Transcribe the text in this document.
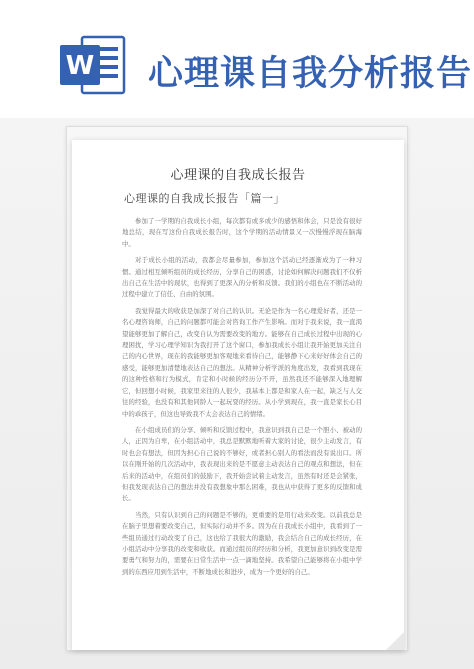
W 心理课自我分析报告
心理课的自我成长报告
心理课的自我成长报告「篇一」

参加了一学期的自我成长小组，每次都有或多或少的感悟和体会，只是没有很好地总结，现在写这份自我成长报告时，这个学期的活动情景又一次慢慢浮现在脑海中。

对于成长小组的活动，我都会尽量参加，参加这个活动已经逐渐成为了一种习惯。通过相互倾听组员的成长经历，分享自己的困惑，讨论如何解决问题我们不仅析出自己在生活中的现状，也得到了更深入的分析和反馈。我们的小组也在不断活动的过程中建立了信任、自由的氛围。

我觉得最大的收获是加深了对自己的认识。无论是作为一名心理爱好者，还是一名心理咨询师，自己的问题都可能会对咨询工作产生影响。而对于我来说，我一直渴望能够更加了解自己，改变自认为需要改变的地方。能够在自己成长过程中出现的心理困扰，学习心理学知识为我打开了这个窗口，参加我成长小组让我开始更加关注自己的内心世界，现在的我能够更加客观地来看待自己，能够静下心来好好体会自己的感受，能够更加清楚地表达自己的想法。从精神分析学派的角度出发，我看到我现在的这种性格和行为模式，肯定和小时候的经历分不开，虽然我还不能够深入地理解它，但回想小时候，我家里来往的人很少，我基本上都是和家人在一起，缺乏与人交往的经验，也没有和其他同龄人一起玩耍的经历。从小学到现在，我一直是家长心目中的乖孩子，但这也导致我不太会表达自己的情绪。

在小组成员们的分享、倾听和反馈过程中，我意识到我自己是一个胆小、被动的人，正因为自卑，在小组活动中，我总是默默地听着大家的讨论，很少主动发言，有时也会有想法，但因为担心自己说的不够好，或者担心别人的看法而没有说出口。所以在刚开始的几次活动中，我表现出来的是不愿意主动表达自己的观点和想法，但在后来的活动中，在组员们的鼓励下，我开始尝试着主动发言，虽然有时还是会紧张，但我发现表达自己的想法并没有我想象中那么困难，我也从中获得了更多的反馈和成长。

当然，只有认识到自己的问题是不够的，更重要的是用行动来改变。以前我总是在脑子里想着要改变自己，但实际行动并不多。因为在自我成长小组中，我看到了一些组员通过行动改变了自己，这也给了我很大的激励，我会结合自己的成长经历，在小组活动中分享我的改变和收获。而通过组员的经历和分析，我更加意识到改变是需要勇气和努力的，需要在日常生活中一点一滴地坚持。我希望自己能够将在小组中学到的东西应用到生活中，不断地成长和进步，成为一个更好的自己。
